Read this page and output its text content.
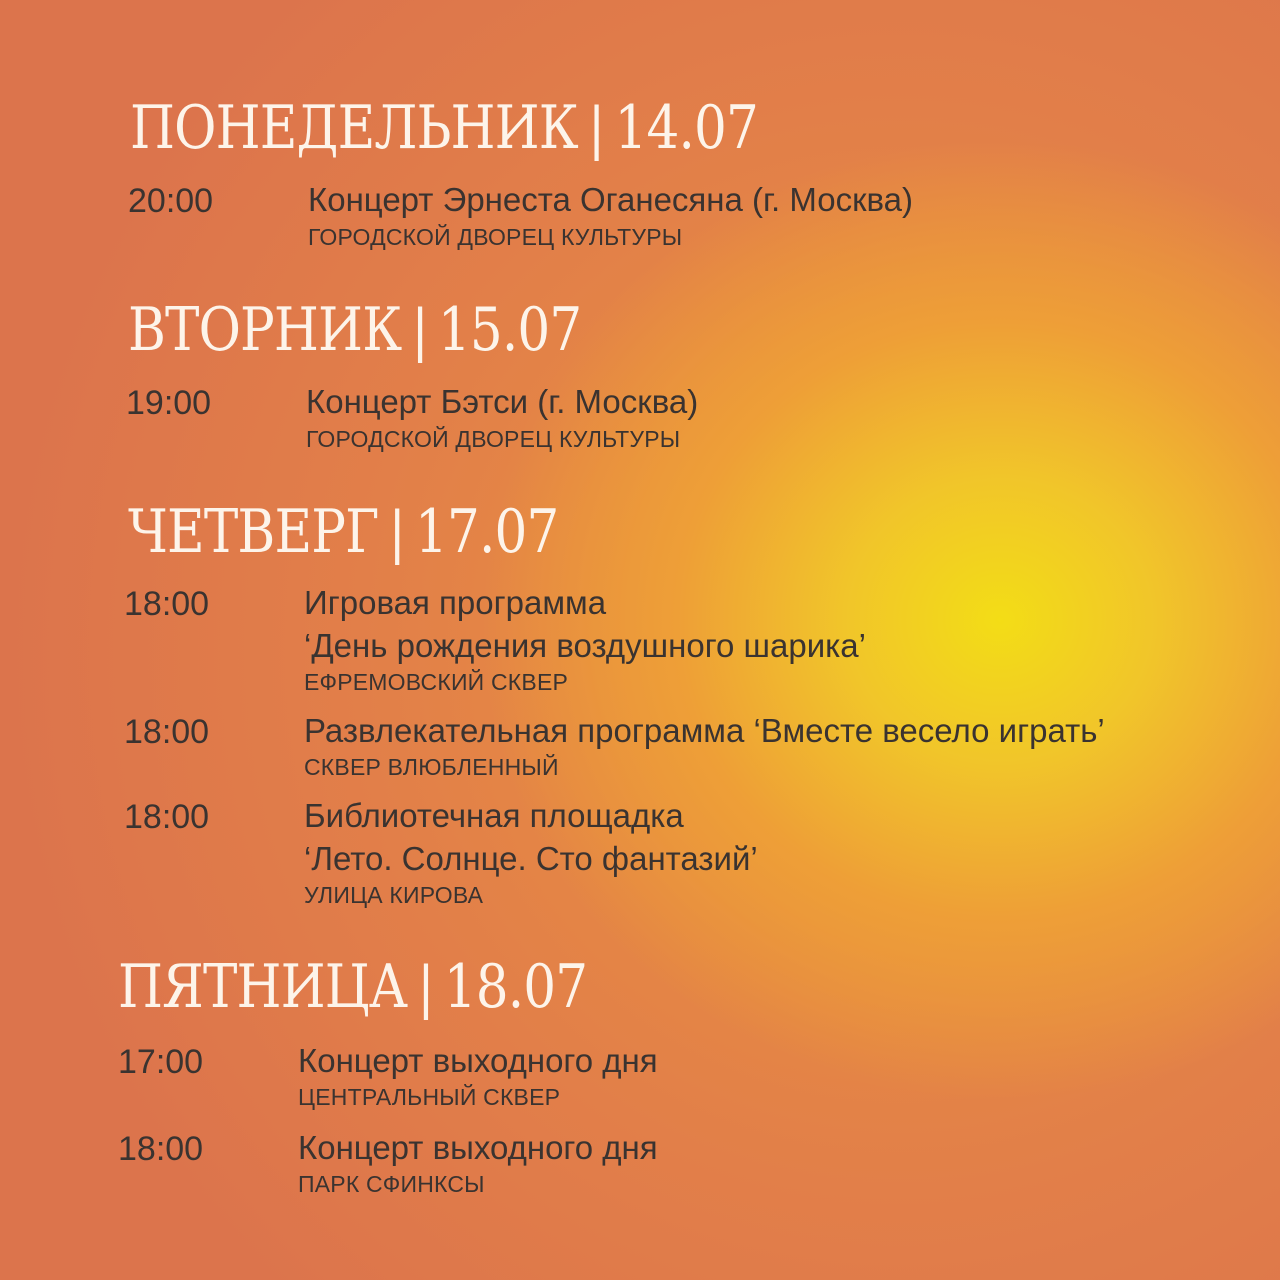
ПОНЕДЕЛЬНИК | 14.07
20:00	Концерт Эрнеста Оганесяна (г. Москва)
ГОРОДСКОЙ ДВОРЕЦ КУЛЬТУРЫ
ВТОРНИК | 15.07
19:00	Концерт Бэтси (г. Москва)
ГОРОДСКОЙ ДВОРЕЦ КУЛЬТУРЫ
ЧЕТВЕРГ | 17.07
18:00	Игровая программа
‘День рождения воздушного шарика’
ЕФРЕМОВСКИЙ СКВЕР
18:00	Развлекательная программа ‘Вместе весело играть’
СКВЕР ВЛЮБЛЕННЫЙ
18:00	Библиотечная площадка
‘Лето. Солнце. Сто фантазий’
УЛИЦА КИРОВА
ПЯТНИЦА | 18.07
17:00	Концерт выходного дня
ЦЕНТРАЛЬНЫЙ СКВЕР
18:00	Концерт выходного дня
ПАРК СФИНКСЫ
